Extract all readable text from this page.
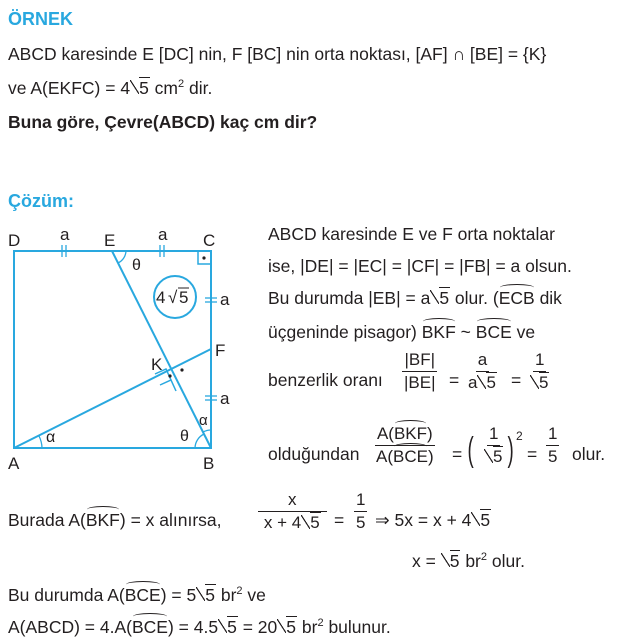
ÖRNEK
ABCD karesinde E [DC] nin, F [BC] nin orta noktası, [AF] ∩ [BE] = {K}
ve A(EKFC) = 4 5 $cm^2$ dir.
Buna göre, Çevre(ABCD) kaç cm dir?
Çözüm:
D	E	C
F
A	B
K
a	a
a
a
θ
θ
α
α
4 √ 5
ABCD karesinde E ve F orta noktalar
ise, |DE| = |EC| = |CF| = |FB| = a olsun.
Bu durumda |EB| = a 5 olur. (ECB dik
üçgeninde pisagor) BKF ~ BCE ve
benzerlik oranı $\frac{|BF|}{|BE|} = \frac{a}{a 5} = \frac{1}{5}$
olduğundan
A(BKF)
A(BCE) = ( $\frac{1}{5}$ ) 2
= $\frac{1}{5}$ olur.
Burada A(BKF) = x alınırsa, $\frac{x}{x + 4 5} = \frac{1}{5}$ ⇒ 5x = x + 4 5
x = 5 $br^2$ olur.
Bu durumda A(BCE) = 5 5 $br^2$ ve
A(ABCD) = 4.A(BCE) = 4.5 5 = 20 5 $br^2$ bulunur.
